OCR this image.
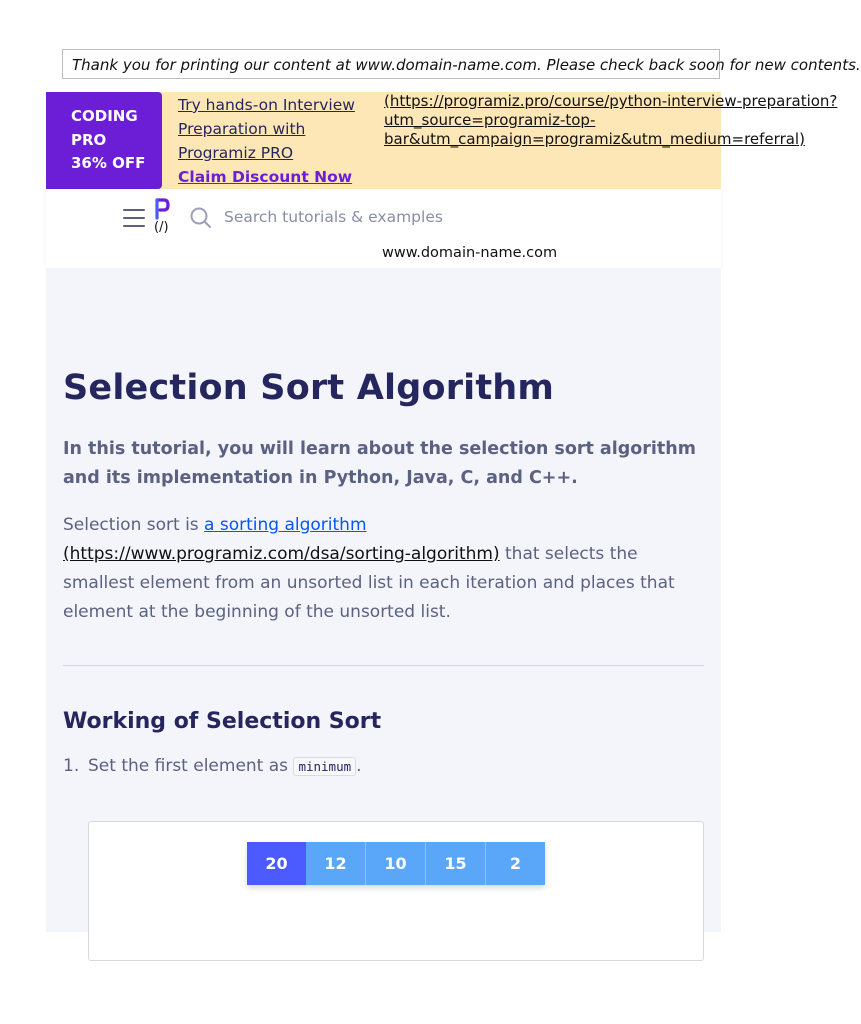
Thank you for printing our content at www.domain-name.com. Please check back soon for new contents.
CODING
PRO
36% OFF
Try hands-on Interview
Preparation with
Programiz PRO
Claim Discount Now
(https://programiz.pro/course/python-interview-preparation?
utm_source=programiz-top-
bar&utm_campaign=programiz&utm_medium=referral)
(/)
Search tutorials & examples
www.domain-name.com
Selection Sort Algorithm

In this tutorial, you will learn about the selection sort algorithm and its implementation in Python, Java, C, and C++.

Selection sort is a sorting algorithm
(https://www.programiz.com/dsa/sorting-algorithm) that selects the smallest element from an unsorted list in each iteration and places that element at the beginning of the unsorted list.

Working of Selection Sort
1. Set the first element as minimum .
20	12	10	15	2
